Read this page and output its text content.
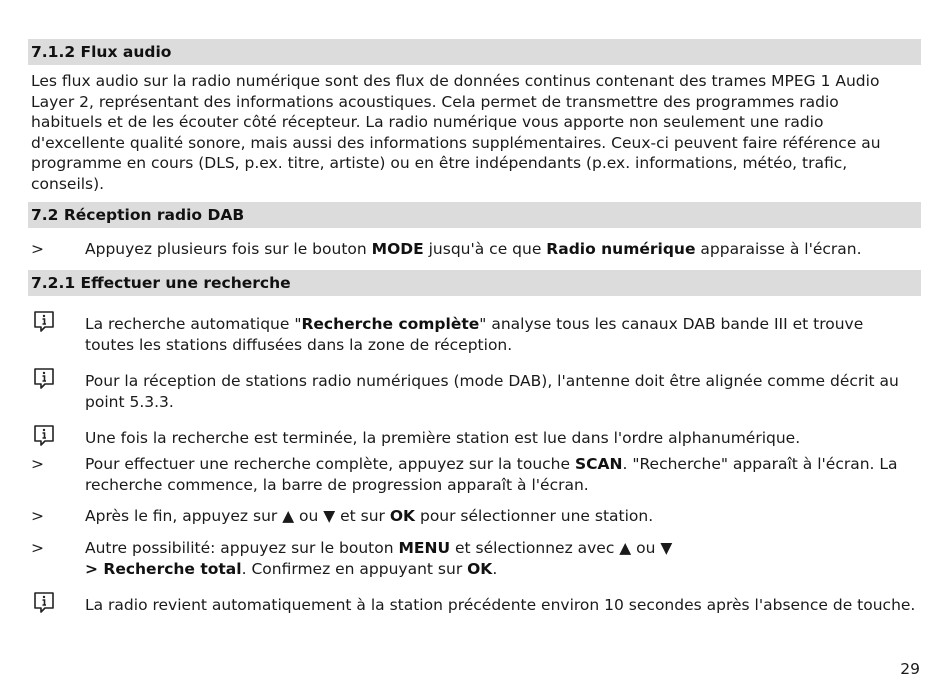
7.1.2 Flux audio
Les flux audio sur la radio numérique sont des flux de données continus contenant des trames MPEG 1 Audio Layer 2, représentant des informations acoustiques. Cela permet de transmettre des programmes radio habituels et de les écouter côté récepteur. La radio numérique vous apporte non seulement une radio d'excellente qualité sonore, mais aussi des informations supplémentaires. Ceux-ci peuvent faire référence au programme en cours (DLS, p.ex. titre, artiste) ou en être indépendants (p.ex. informations, météo, trafic, conseils).
7.2 Réception radio DAB
>	Appuyez plusieurs fois sur le bouton MODE jusqu'à ce que Radio numérique apparaisse à l'écran.
7.2.1 Effectuer une recherche
La recherche automatique "Recherche complète" analyse tous les canaux DAB bande III et trouve toutes les stations diffusées dans la zone de réception.
Pour la réception de stations radio numériques (mode DAB), l'antenne doit être alignée comme décrit au point 5.3.3.
Une fois la recherche est terminée, la première station est lue dans l'ordre alphanumérique.
>	Pour effectuer une recherche complète, appuyez sur la touche SCAN. "Recherche" apparaît à l'écran. La recherche commence, la barre de progression apparaît à l'écran.
>	Après le fin, appuyez sur ▲ ou ▼ et sur OK pour sélectionner une station.
>	Autre possibilité: appuyez sur le bouton MENU et sélectionnez avec ▲ ou ▼
> Recherche total. Confirmez en appuyant sur OK.
La radio revient automatiquement à la station précédente environ 10 secondes après l'absence de touche.
29
